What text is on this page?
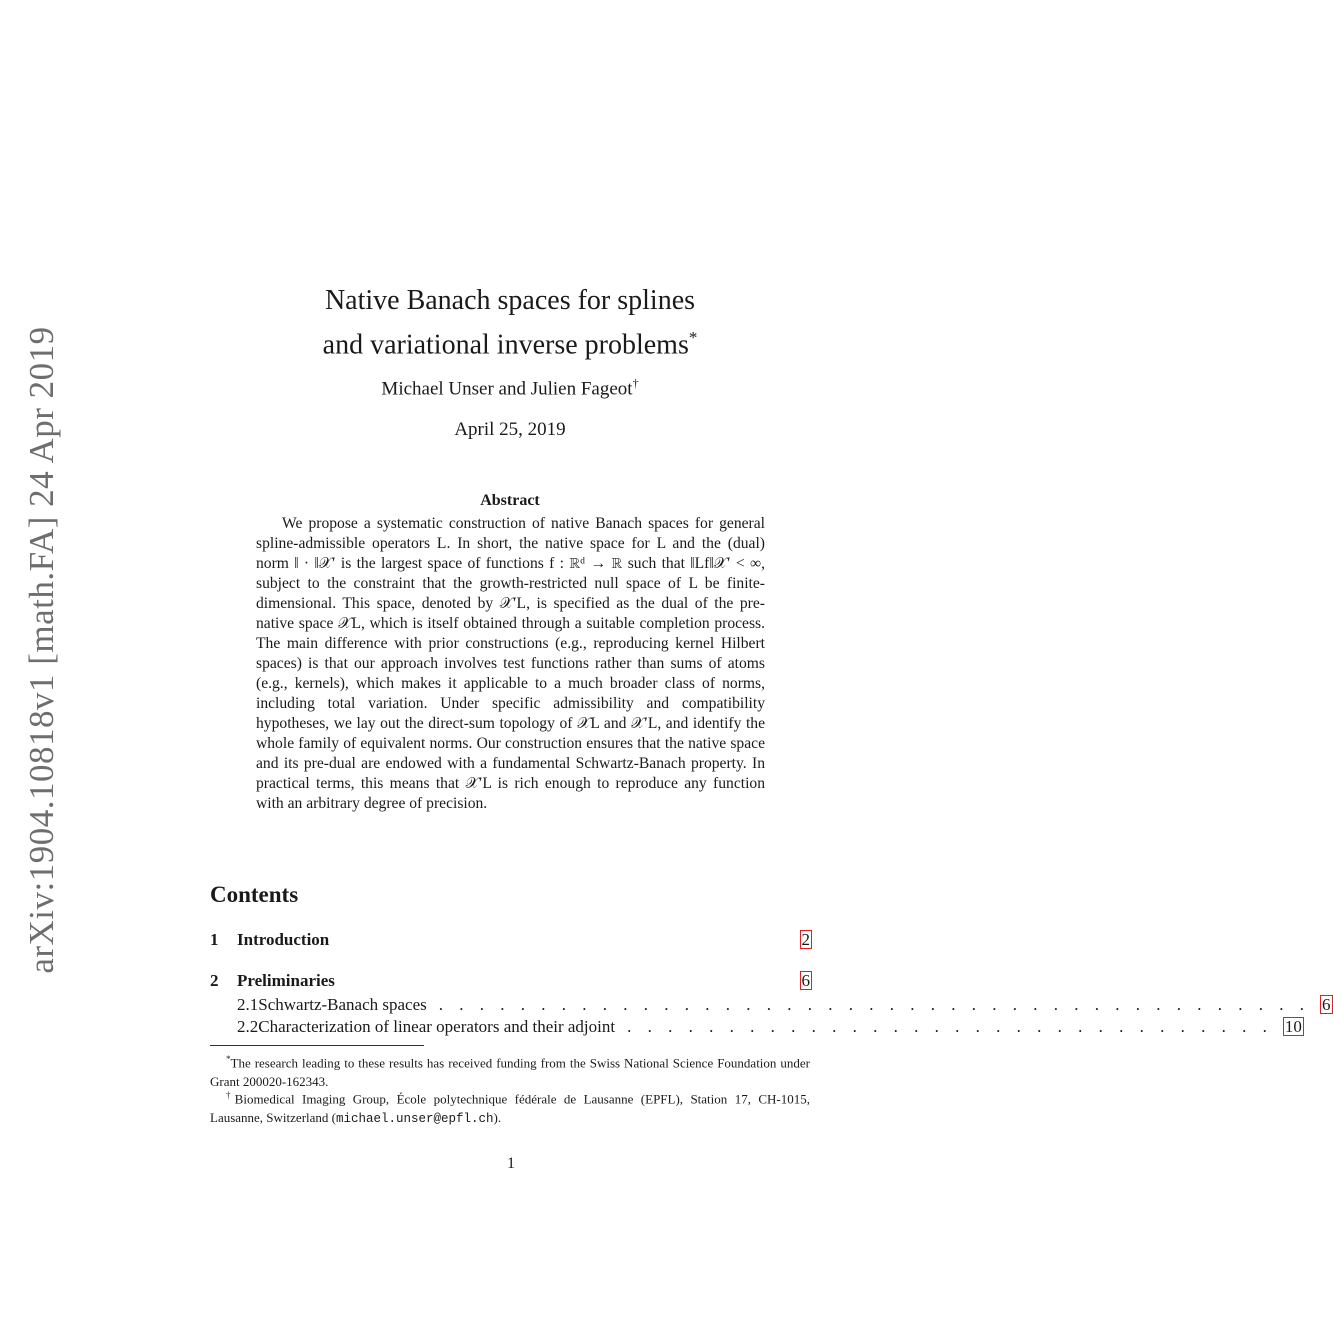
arXiv:1904.10818v1 [math.FA] 24 Apr 2019
Native Banach spaces for splines
and variational inverse problems*
Michael Unser and Julien Fageot†
April 25, 2019
Abstract
We propose a systematic construction of native Banach spaces for general spline-admissible operators L. In short, the native space for L and the (dual) norm ‖ · ‖𝒳′ is the largest space of functions f : ℝᵈ → ℝ such that ‖Lf‖𝒳′ < ∞, subject to the constraint that the growth-restricted null space of L be finite-dimensional. This space, denoted by 𝒳′L, is specified as the dual of the pre-native space 𝒳L, which is itself obtained through a suitable completion process. The main difference with prior constructions (e.g., reproducing kernel Hilbert spaces) is that our approach involves test functions rather than sums of atoms (e.g., kernels), which makes it applicable to a much broader class of norms, including total variation. Under specific admissibility and compatibility hypotheses, we lay out the direct-sum topology of 𝒳L and 𝒳′L, and identify the whole family of equivalent norms. Our construction ensures that the native space and its pre-dual are endowed with a fundamental Schwartz-Banach property. In practical terms, this means that 𝒳′L is rich enough to reproduce any function with an arbitrary degree of precision.
Contents
1	Introduction	2
2	Preliminaries	6
2.1 Schwartz-Banach spaces . . . . . . . . . . . . . . . . . . . . . . . . . . . . . . . . . . . . . . . . . . . 6
2.2 Characterization of linear operators and their adjoint . . . . . . . . . . . . . . . . . . . . . . . . . . . . . . . . 10
*The research leading to these results has received funding from the Swiss National Science Foundation under Grant 200020-162343.
†Biomedical Imaging Group, École polytechnique fédérale de Lausanne (EPFL), Station 17, CH-1015, Lausanne, Switzerland (michael.unser@epfl.ch).
1
